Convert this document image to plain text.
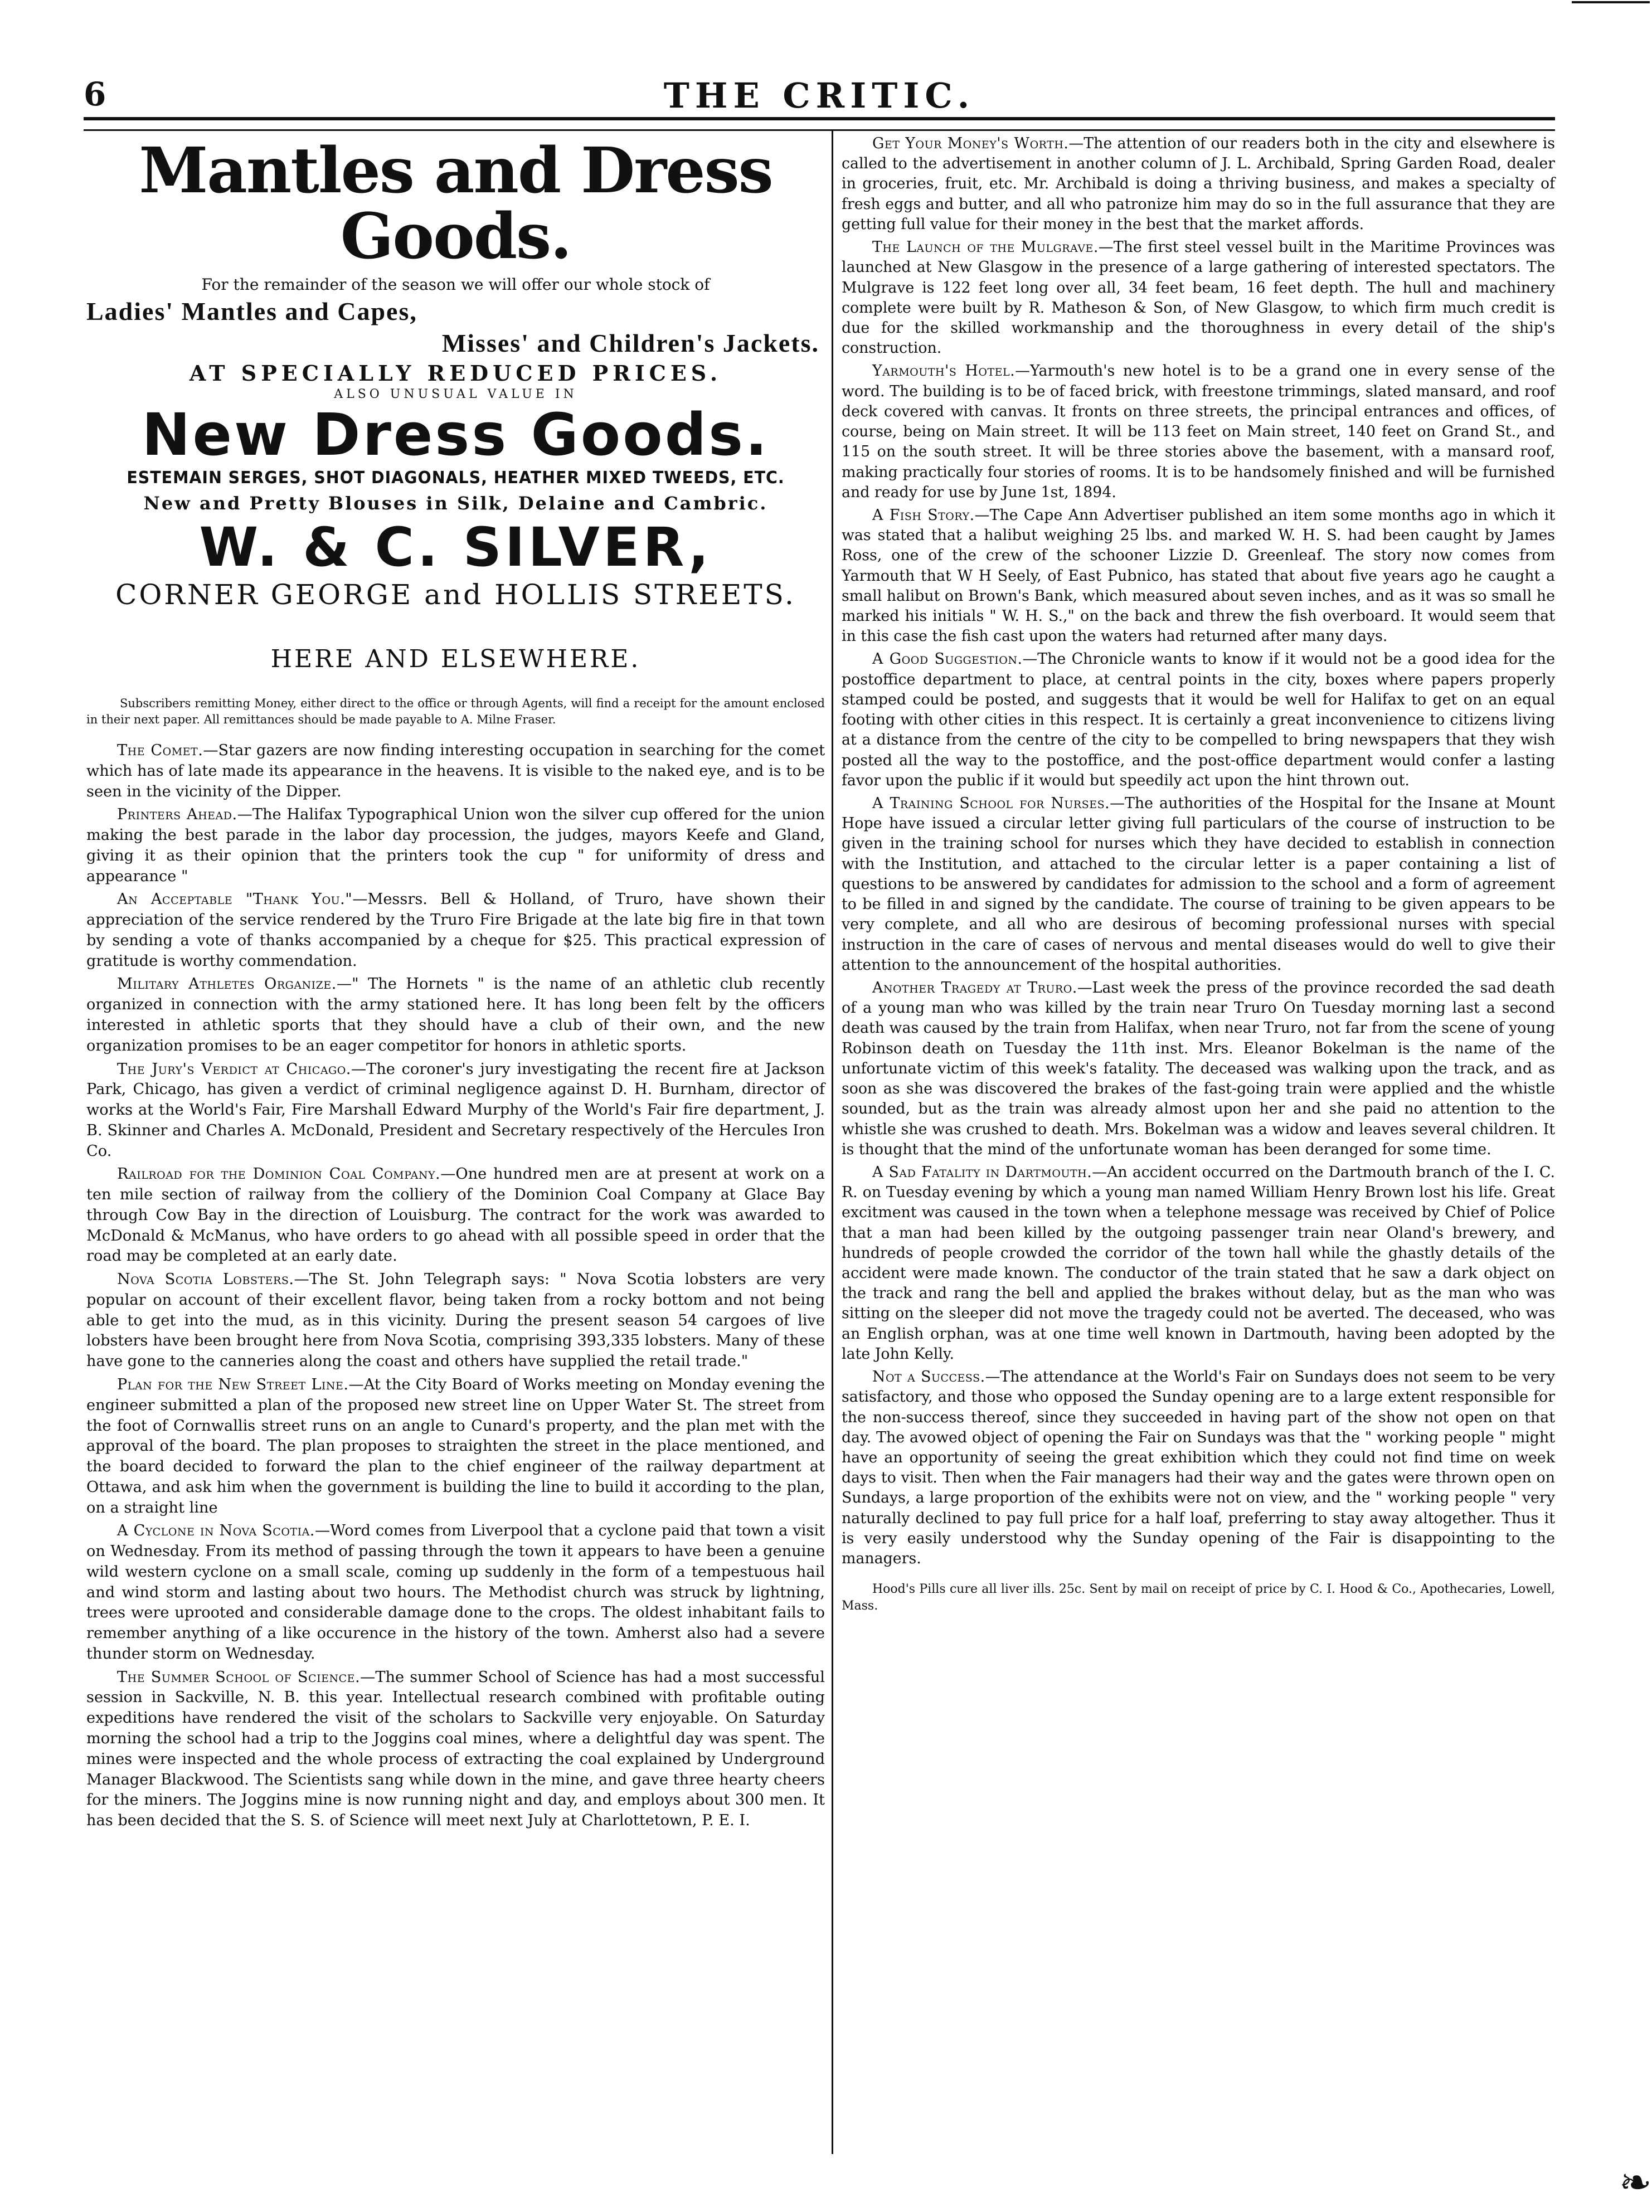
6	THE CRITIC.
Mantles and Dress Goods.
For the remainder of the season we will offer our whole stock of
Ladies' Mantles and Capes,
Misses' and Children's Jackets.
AT SPECIALLY REDUCED PRICES.
ALSO UNUSUAL VALUE IN
New Dress Goods.
ESTEMAIN SERGES, SHOT DIAGONALS, HEATHER MIXED TWEEDS, ETC.
New and Pretty Blouses in Silk, Delaine and Cambric.
W. & C. SILVER,
CORNER GEORGE and HOLLIS STREETS.
HERE AND ELSEWHERE.

Subscribers remitting Money, either direct to the office or through Agents, will find a receipt for the amount enclosed in their next paper. All remittances should be made payable to A. Milne Fraser.

The Comet.—Star gazers are now finding interesting occupation in searching for the comet which has of late made its appearance in the heavens. It is visible to the naked eye, and is to be seen in the vicinity of the Dipper.

Printers Ahead.—The Halifax Typographical Union won the silver cup offered for the union making the best parade in the labor day procession, the judges, mayors Keefe and Gland, giving it as their opinion that the printers took the cup " for uniformity of dress and appearance "

An Acceptable "Thank You."—Messrs. Bell & Holland, of Truro, have shown their appreciation of the service rendered by the Truro Fire Brigade at the late big fire in that town by sending a vote of thanks accompanied by a cheque for $25. This practical expression of gratitude is worthy commendation.

Military Athletes Organize.—" The Hornets " is the name of an athletic club recently organized in connection with the army stationed here. It has long been felt by the officers interested in athletic sports that they should have a club of their own, and the new organization promises to be an eager competitor for honors in athletic sports.

The Jury's Verdict at Chicago.—The coroner's jury investigating the recent fire at Jackson Park, Chicago, has given a verdict of criminal negligence against D. H. Burnham, director of works at the World's Fair, Fire Marshall Edward Murphy of the World's Fair fire department, J. B. Skinner and Charles A. McDonald, President and Secretary respectively of the Hercules Iron Co.

Railroad for the Dominion Coal Company.—One hundred men are at present at work on a ten mile section of railway from the colliery of the Dominion Coal Company at Glace Bay through Cow Bay in the direction of Louisburg. The contract for the work was awarded to McDonald & McManus, who have orders to go ahead with all possible speed in order that the road may be completed at an early date.

Nova Scotia Lobsters.—The St. John Telegraph says: " Nova Scotia lobsters are very popular on account of their excellent flavor, being taken from a rocky bottom and not being able to get into the mud, as in this vicinity. During the present season 54 cargoes of live lobsters have been brought here from Nova Scotia, comprising 393,335 lobsters. Many of these have gone to the canneries along the coast and others have supplied the retail trade."

Plan for the New Street Line.—At the City Board of Works meeting on Monday evening the engineer submitted a plan of the proposed new street line on Upper Water St. The street from the foot of Cornwallis street runs on an angle to Cunard's property, and the plan met with the approval of the board. The plan proposes to straighten the street in the place mentioned, and the board decided to forward the plan to the chief engineer of the railway department at Ottawa, and ask him when the government is building the line to build it according to the plan, on a straight line

A Cyclone in Nova Scotia.—Word comes from Liverpool that a cyclone paid that town a visit on Wednesday. From its method of passing through the town it appears to have been a genuine wild western cyclone on a small scale, coming up suddenly in the form of a tempestuous hail and wind storm and lasting about two hours. The Methodist church was struck by lightning, trees were uprooted and considerable damage done to the crops. The oldest inhabitant fails to remember anything of a like occurence in the history of the town. Amherst also had a severe thunder storm on Wednesday.

The Summer School of Science.—The summer School of Science has had a most successful session in Sackville, N. B. this year. Intellectual research combined with profitable outing expeditions have rendered the visit of the scholars to Sackville very enjoyable. On Saturday morning the school had a trip to the Joggins coal mines, where a delightful day was spent. The mines were inspected and the whole process of extracting the coal explained by Underground Manager Blackwood. The Scientists sang while down in the mine, and gave three hearty cheers for the miners. The Joggins mine is now running night and day, and employs about 300 men. It has been decided that the S. S. of Science will meet next July at Charlottetown, P. E. I.

Get Your Money's Worth.—The attention of our readers both in the city and elsewhere is called to the advertisement in another column of J. L. Archibald, Spring Garden Road, dealer in groceries, fruit, etc. Mr. Archibald is doing a thriving business, and makes a specialty of fresh eggs and butter, and all who patronize him may do so in the full assurance that they are getting full value for their money in the best that the market affords.

The Launch of the Mulgrave.—The first steel vessel built in the Maritime Provinces was launched at New Glasgow in the presence of a large gathering of interested spectators. The Mulgrave is 122 feet long over all, 34 feet beam, 16 feet depth. The hull and machinery complete were built by R. Matheson & Son, of New Glasgow, to which firm much credit is due for the skilled workmanship and the thoroughness in every detail of the ship's construction.

Yarmouth's Hotel.—Yarmouth's new hotel is to be a grand one in every sense of the word. The building is to be of faced brick, with freestone trimmings, slated mansard, and roof deck covered with canvas. It fronts on three streets, the principal entrances and offices, of course, being on Main street. It will be 113 feet on Main street, 140 feet on Grand St., and 115 on the south street. It will be three stories above the basement, with a mansard roof, making practically four stories of rooms. It is to be handsomely finished and will be furnished and ready for use by June 1st, 1894.

A Fish Story.—The Cape Ann Advertiser published an item some months ago in which it was stated that a halibut weighing 25 lbs. and marked W. H. S. had been caught by James Ross, one of the crew of the schooner Lizzie D. Greenleaf. The story now comes from Yarmouth that W H Seely, of East Pubnico, has stated that about five years ago he caught a small halibut on Brown's Bank, which measured about seven inches, and as it was so small he marked his initials " W. H. S.," on the back and threw the fish overboard. It would seem that in this case the fish cast upon the waters had returned after many days.

A Good Suggestion.—The Chronicle wants to know if it would not be a good idea for the postoffice department to place, at central points in the city, boxes where papers properly stamped could be posted, and suggests that it would be well for Halifax to get on an equal footing with other cities in this respect. It is certainly a great inconvenience to citizens living at a distance from the centre of the city to be compelled to bring newspapers that they wish posted all the way to the postoffice, and the post-office department would confer a lasting favor upon the public if it would but speedily act upon the hint thrown out.

A Training School for Nurses.—The authorities of the Hospital for the Insane at Mount Hope have issued a circular letter giving full particulars of the course of instruction to be given in the training school for nurses which they have decided to establish in connection with the Institution, and attached to the circular letter is a paper containing a list of questions to be answered by candidates for admission to the school and a form of agreement to be filled in and signed by the candidate. The course of training to be given appears to be very complete, and all who are desirous of becoming professional nurses with special instruction in the care of cases of nervous and mental diseases would do well to give their attention to the announcement of the hospital authorities.

Another Tragedy at Truro.—Last week the press of the province recorded the sad death of a young man who was killed by the train near Truro On Tuesday morning last a second death was caused by the train from Halifax, when near Truro, not far from the scene of young Robinson death on Tuesday the 11th inst. Mrs. Eleanor Bokelman is the name of the unfortunate victim of this week's fatality. The deceased was walking upon the track, and as soon as she was discovered the brakes of the fast-going train were applied and the whistle sounded, but as the train was already almost upon her and she paid no attention to the whistle she was crushed to death. Mrs. Bokelman was a widow and leaves several children. It is thought that the mind of the unfortunate woman has been deranged for some time.

A Sad Fatality in Dartmouth.—An accident occurred on the Dartmouth branch of the I. C. R. on Tuesday evening by which a young man named William Henry Brown lost his life. Great excitment was caused in the town when a telephone message was received by Chief of Police that a man had been killed by the outgoing passenger train near Oland's brewery, and hundreds of people crowded the corridor of the town hall while the ghastly details of the accident were made known. The conductor of the train stated that he saw a dark object on the track and rang the bell and applied the brakes without delay, but as the man who was sitting on the sleeper did not move the tragedy could not be averted. The deceased, who was an English orphan, was at one time well known in Dartmouth, having been adopted by the late John Kelly.

Not a Success.—The attendance at the World's Fair on Sundays does not seem to be very satisfactory, and those who opposed the Sunday opening are to a large extent responsible for the non-success thereof, since they succeeded in having part of the show not open on that day. The avowed object of opening the Fair on Sundays was that the " working people " might have an opportunity of seeing the great exhibition which they could not find time on week days to visit. Then when the Fair managers had their way and the gates were thrown open on Sundays, a large proportion of the exhibits were not on view, and the " working people " very naturally declined to pay full price for a half loaf, preferring to stay away altogether. Thus it is very easily understood why the Sunday opening of the Fair is disappointing to the managers.

Hood's Pills cure all liver ills. 25c. Sent by mail on receipt of price by C. I. Hood & Co., Apothecaries, Lowell, Mass.

❧
